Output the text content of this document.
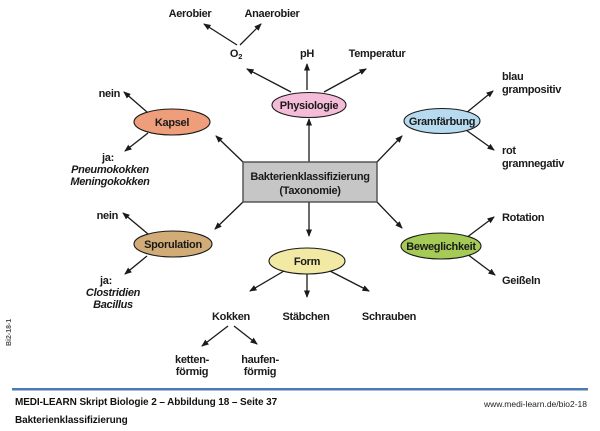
Physiologie
Kapsel	Gramfärbung
Sporulation
Form
Beweglichkeit
Bakterienklassifizierung
(Taxonomie)
Aerobier	Anaerobier
O2	pH	Temperatur
nein
ja:
Pneumokokken
Meningokokken
blau
grampositiv
rot
gramnegativ
nein
ja:
Clostridien
Bacillus
Rotation
Geißeln
Kokken	Stäbchen	Schrauben
ketten-
förmig
haufen-
förmig
Bi2-18-1
MEDI-LEARN Skript Biologie 2 – Abbildung 18 – Seite 37	www.medi-learn.de/bio2-18
Bakterienklassifizierung
